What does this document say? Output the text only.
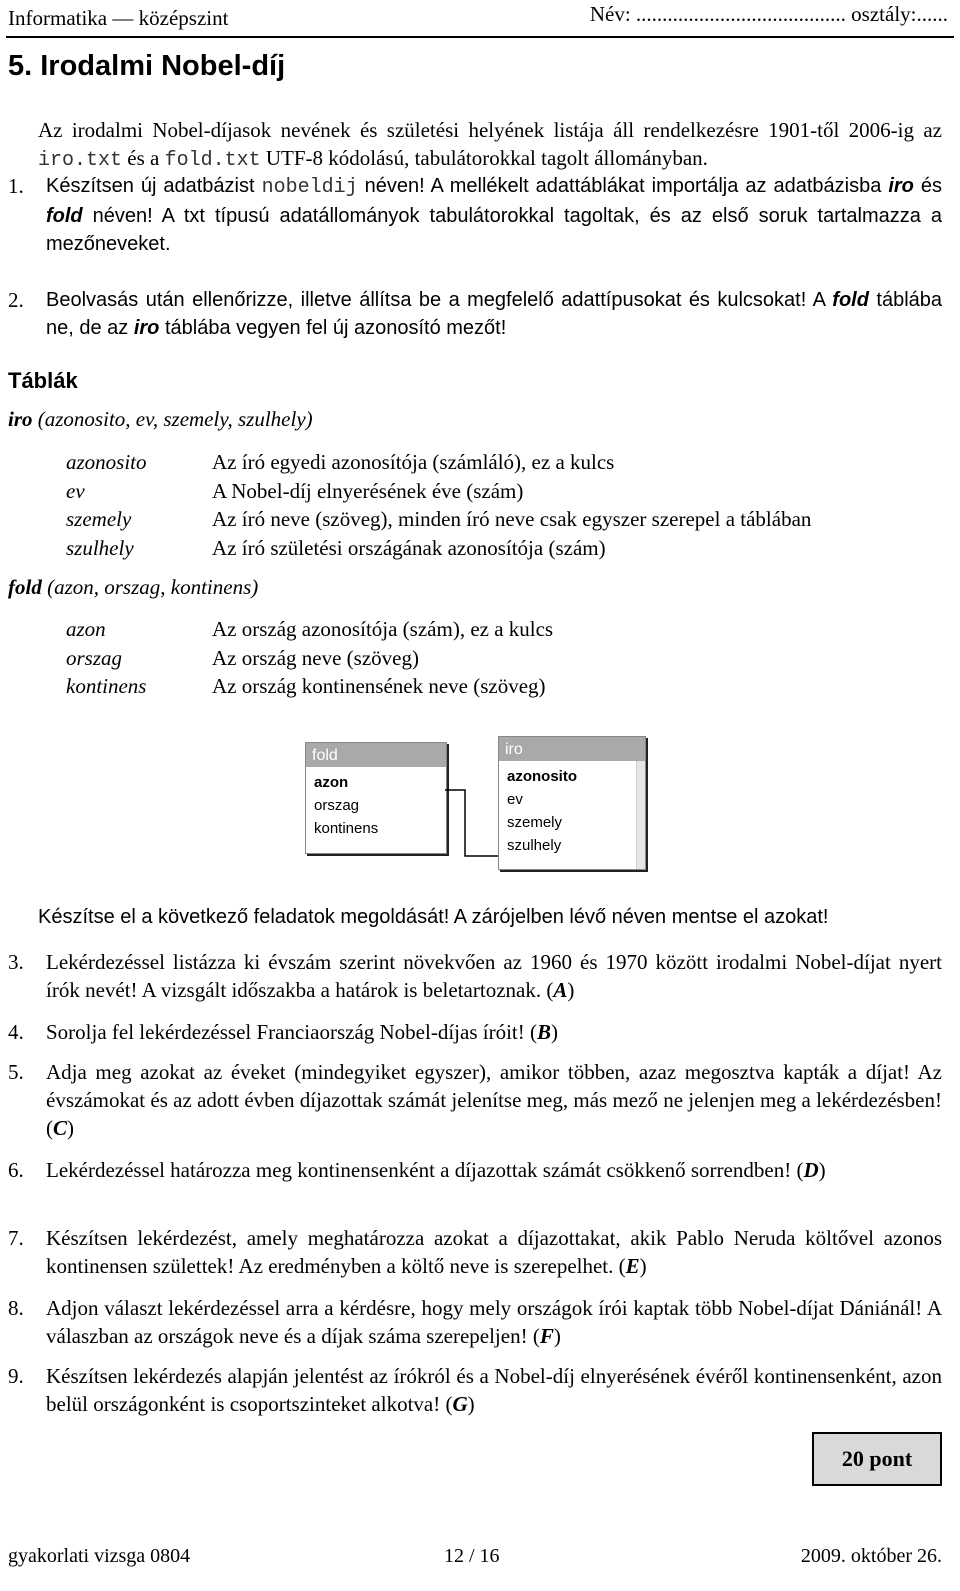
Informatika — középszint	Név: ........................................ osztály:......
5. Irodalmi Nobel-díj
Az irodalmi Nobel-díjasok nevének és születési helyének listája áll rendelkezésre 1901-től 2006-ig az iro.txt és a fold.txt UTF-8 kódolású, tabulátorokkal tagolt állományban.
1.	Készítsen új adatbázist nobeldij néven! A mellékelt adattáblákat importálja az adatbázisba iro és fold néven! A txt típusú adatállományok tabulátorokkal tagoltak, és az első soruk tartalmazza a mezőneveket.
2.	Beolvasás után ellenőrizze, illetve állítsa be a megfelelő adattípusokat és kulcsokat! A fold táblába ne, de az iro táblába vegyen fel új azonosító mezőt!
Táblák
iro (azonosito, ev, szemely, szulhely)
azonosito	Az író egyedi azonosítója (számláló), ez a kulcs
ev	A Nobel-díj elnyerésének éve (szám)
szemely	Az író neve (szöveg), minden író neve csak egyszer szerepel a táblában
szulhely	Az író születési országának azonosítója (szám)
fold (azon, orszag, kontinens)
azon	Az ország azonosítója (szám), ez a kulcs
orszag	Az ország neve (szöveg)
kontinens	Az ország kontinensének neve (szöveg)
fold
azon
orszag
kontinens
iro
azonosito
ev
szemely
szulhely
Készítse el a következő feladatok megoldását! A zárójelben lévő néven mentse el azokat!
3.	Lekérdezéssel listázza ki évszám szerint növekvően az 1960 és 1970 között irodalmi Nobel-díjat nyert írók nevét! A vizsgált időszakba a határok is beletartoznak. (A)
4.	Sorolja fel lekérdezéssel Franciaország Nobel-díjas íróit! (B)
5.	Adja meg azokat az éveket (mindegyiket egyszer), amikor többen, azaz megosztva kapták a díjat! Az évszámokat és az adott évben díjazottak számát jelenítse meg, más mező ne jelenjen meg a lekérdezésben! (C)
6.	Lekérdezéssel határozza meg kontinensenként a díjazottak számát csökkenő sorrendben! (D)
7.	Készítsen lekérdezést, amely meghatározza azokat a díjazottakat, akik Pablo Neruda költővel azonos kontinensen születtek! Az eredményben a költő neve is szerepelhet. (E)
8.	Adjon választ lekérdezéssel arra a kérdésre, hogy mely országok írói kaptak több Nobel-díjat Dániánál! A válaszban az országok neve és a díjak száma szerepeljen! (F)
9.	Készítsen lekérdezés alapján jelentést az írókról és a Nobel-díj elnyerésének évéről kontinensenként, azon belül országonként is csoportszinteket alkotva! (G)
20 pont
gyakorlati vizsga 0804	12 / 16	2009. október 26.
